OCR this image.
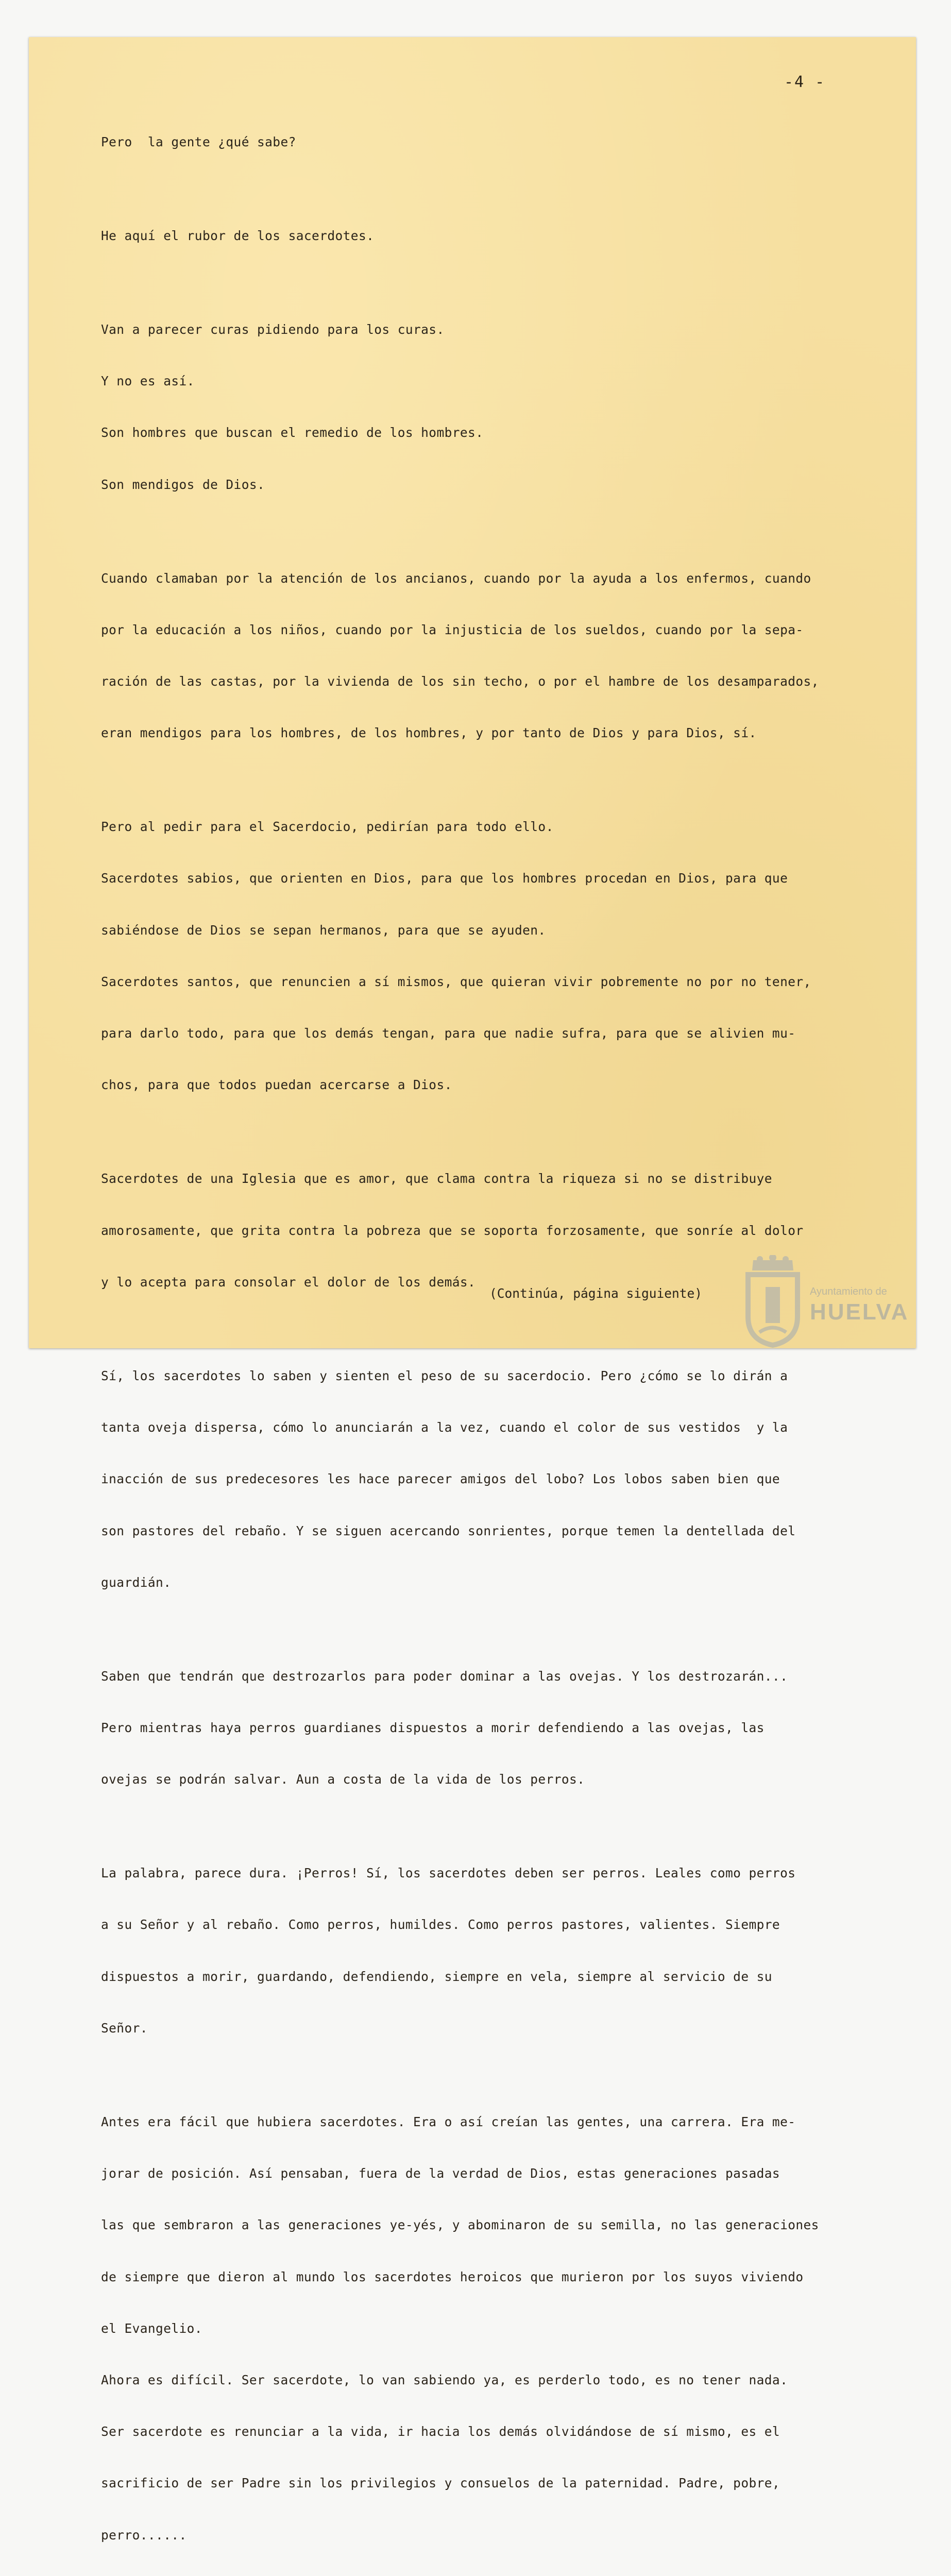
-4 -

Pero  la gente ¿qué sabe?

He aquí el rubor de los sacerdotes.

Van a parecer curas pidiendo para los curas.

Y no es así.

Son hombres que buscan el remedio de los hombres.

Son mendigos de Dios.

Cuando clamaban por la atención de los ancianos, cuando por la ayuda a los enfermos, cuando

por la educación a los niños, cuando por la injusticia de los sueldos, cuando por la sepa-

ración de las castas, por la vivienda de los sin techo, o por el hambre de los desamparados,

eran mendigos para los hombres, de los hombres, y por tanto de Dios y para Dios, sí.

Pero al pedir para el Sacerdocio, pedirían para todo ello.

Sacerdotes sabios, que orienten en Dios, para que los hombres procedan en Dios, para que

sabiéndose de Dios se sepan hermanos, para que se ayuden.

Sacerdotes santos, que renuncien a sí mismos, que quieran vivir pobremente no por no tener,

para darlo todo, para que los demás tengan, para que nadie sufra, para que se alivien mu-

chos, para que todos puedan acercarse a Dios.

Sacerdotes de una Iglesia que es amor, que clama contra la riqueza si no se distribuye

amorosamente, que grita contra la pobreza que se soporta forzosamente, que sonríe al dolor

y lo acepta para consolar el dolor de los demás.

Sí, los sacerdotes lo saben y sienten el peso de su sacerdocio. Pero ¿cómo se lo dirán a

tanta oveja dispersa, cómo lo anunciarán a la vez, cuando el color de sus vestidos  y la

inacción de sus predecesores les hace parecer amigos del lobo? Los lobos saben bien que

son pastores del rebaño. Y se siguen acercando sonrientes, porque temen la dentellada del

guardián.

Saben que tendrán que destrozarlos para poder dominar a las ovejas. Y los destrozarán...

Pero mientras haya perros guardianes dispuestos a morir defendiendo a las ovejas, las

ovejas se podrán salvar. Aun a costa de la vida de los perros.

La palabra, parece dura. ¡Perros! Sí, los sacerdotes deben ser perros. Leales como perros

a su Señor y al rebaño. Como perros, humildes. Como perros pastores, valientes. Siempre

dispuestos a morir, guardando, defendiendo, siempre en vela, siempre al servicio de su

Señor.

Antes era fácil que hubiera sacerdotes. Era o así creían las gentes, una carrera. Era me-

jorar de posición. Así pensaban, fuera de la verdad de Dios, estas generaciones pasadas

las que sembraron a las generaciones ye-yés, y abominaron de su semilla, no las generaciones

de siempre que dieron al mundo los sacerdotes heroicos que murieron por los suyos viviendo

el Evangelio.

Ahora es difícil. Ser sacerdote, lo van sabiendo ya, es perderlo todo, es no tener nada.

Ser sacerdote es renunciar a la vida, ir hacia los demás olvidándose de sí mismo, es el

sacrificio de ser Padre sin los privilegios y consuelos de la paternidad. Padre, pobre,

perro......

(Continúa, página siguiente)	Ayuntamiento de

HUELVA
